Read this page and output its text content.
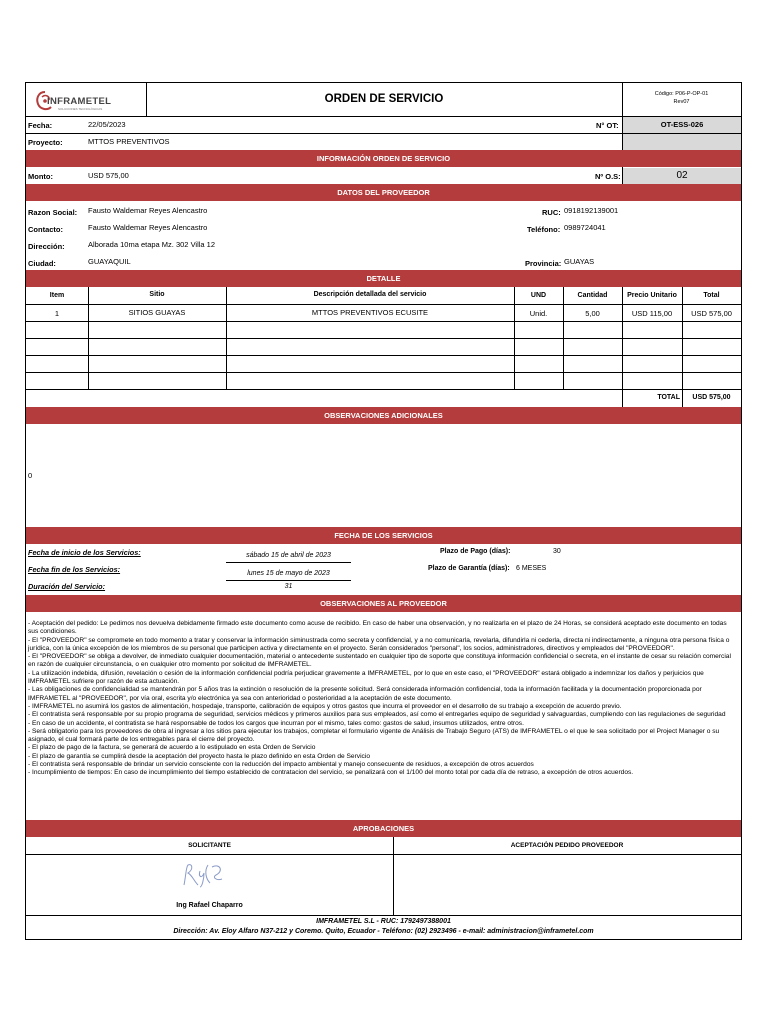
INFRAMETEL
SOLUCIONES TECNOLÓGICAS
ORDEN DE SERVICIO	Código: P06-P-OP-01
Rev07
Fecha:	22/05/2023	N° OT:	OT-ESS-026
Proyecto:	MTTOS PREVENTIVOS
INFORMACIÓN ORDEN DE SERVICIO
Monto:	USD 575,00	Nº O.S:	02
DATOS DEL PROVEEDOR
Razon Social: Fausto Waldemar Reyes Alencastro	RUC: 0918192139001
Contacto:	Fausto Waldemar Reyes Alencastro	Teléfono: 0989724041
Dirección:	Alborada 10ma etapa Mz. 302 Villa 12
Ciudad:	GUAYAQUIL	Provincia: GUAYAS
DETALLE
Item	Sitio	Descripción detallada del servicio	UND	Cantidad	Precio Unitario	Total
1	SITIOS GUAYAS	MTTOS PREVENTIVOS ECUSITE	Unid.	5,00	USD 115,00	USD 575,00
TOTAL	USD 575,00
OBSERVACIONES ADICIONALES
0
FECHA DE LOS SERVICIOS
Fecha de inicio de los Servicios:	sábado 15 de abril de 2023
Plazo de Pago (días):	30
Fecha fin de los Servicios:	lunes 15 de mayo de 2023
Plazo de Garantía (días): 6 MESES
Duración del Servicio:	31
OBSERVACIONES AL PROVEEDOR

- Aceptación del pedido: Le pedimos nos devuelva debidamente firmado este documento como acuse de recibido. En caso de haber una observación, y no realizarla en el plazo de 24 Horas, se considerá aceptado este documento en todas sus condiciones.

- El "PROVEEDOR" se compromete en todo momento a tratar y conservar la información siminustrada como secreta y confidencial, y a no comunicarla, revelarla, difundirla ni cederla, directa ni indirectamente, a ninguna otra persona física o jurídica, con la única excepción de los miembros de su personal que participen activa y directamente en el proyecto. Serán considerados "personal", los socios, administradores, directivos y empleados del "PROVEEDOR".

- El "PROVEEDOR" se obliga a devolver, de inmediato cualquier documentación, material o antecedente sustentado en cualquier tipo de soporte que constituya información confidencial o secreta, en el instante de cesar su relación comercial en razón de cualquier circunstancia, o en cualquier otro momento por solicitud de IMFRAMETEL.

- La utilización indebida, difusión, revelación o cesión de la información confidencial podría perjudicar gravemente a IMFRAMETEL, por lo que en este caso, el "PROVEEDOR" estará obligado a indemnizar los daños y perjuicios que IMFRAMETEL sufriere por razón de esta actuación.

- Las obligaciones de confidencialidad se mantendrán por 5 años tras la extinción o resolución de la presente solicitud. Será considerada información confidencial, toda la información facilitada y la documentación proporcionada por IMFRAMETEL al "PROVEEDOR", por vía oral, escrita y/o electrónica ya sea con anterioridad o posterioridad a la aceptación de este documento.

- IMFRAMETEL no asumirá los gastos de alimentación, hospedaje, transporte, calibración de equipos y otros gastos que incurra el proveedor en el desarrollo de su trabajo a excepción de acuerdo previo.

- El contratista será responsable por su propio programa de seguridad, servicios médicos y primeros auxilios para sus empleados, así como el entregarles equipo de seguridad y salvaguardas, cumpliendo con las regulaciones de seguridad

- En caso de un accidente, el contratista se hará responsable de todos los cargos que incurran por el mismo, tales como: gastos de salud, insumos utilizados, entre otros.

- Será obligatorio para los proveedores de obra al ingresar a los sitios para ejecutar los trabajos, completar el formulario vigente de Análisis de Trabajo Seguro (ATS) de IMFRAMETEL o el que le sea solicitado por el Project Manager o su asignado, el cual formará parte de los entregables para el cierre del proyecto.

- El plazo de pago de la factura, se generará de acuerdo a lo estipulado en esta Orden de Servicio

- El plazo de garantía se cumplirá desde la aceptación del proyecto hasta le plazo definido en esta Orden de Servicio

- El contratista será responsable de brindar un servicio consciente con la reducción del impacto ambiental y manejo consecuente de residuos, a excepción de otros acuerdos

- Incumplimiento de tiempos: En caso de incumplimiento del tiempo establecido de contratacion del servicio, se penalizará con el 1/100 del monto total por cada día de retraso, a excepción de otros acuerdos.

APROBACIONES
SOLICITANTE	ACEPTACIÓN PEDIDO PROVEEDOR
Ing Rafael Chaparro
IMFRAMETEL S.L - RUC: 1792497388001
Dirección: Av. Eloy Alfaro N37-212 y Coremo. Quito, Ecuador - Teléfono: (02) 2923496 - e-mail: administracion@inframetel.com
